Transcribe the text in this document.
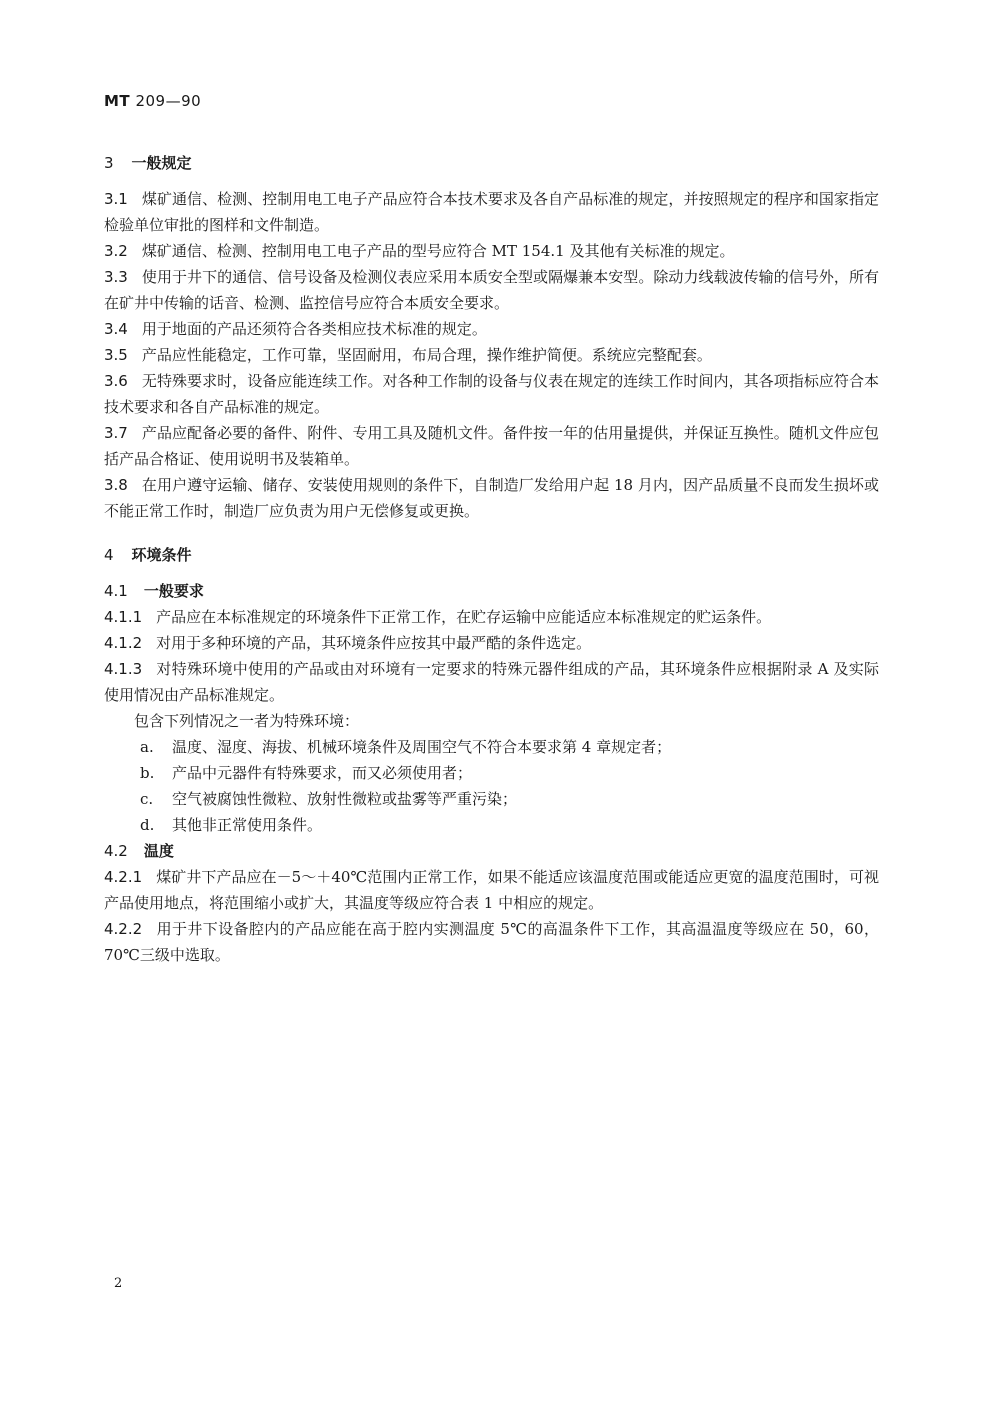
MT 209—90

3 一般规定

3.1 煤矿通信、检测、控制用电工电子产品应符合本技术要求及各自产品标准的规定，并按照规定的程序和国家指定检验单位审批的图样和文件制造。

3.2 煤矿通信、检测、控制用电工电子产品的型号应符合 MT 154.1 及其他有关标准的规定。

3.3 使用于井下的通信、信号设备及检测仪表应采用本质安全型或隔爆兼本安型。除动力线载波传输的信号外，所有在矿井中传输的话音、检测、监控信号应符合本质安全要求。

3.4 用于地面的产品还须符合各类相应技术标准的规定。

3.5 产品应性能稳定，工作可靠，坚固耐用，布局合理，操作维护简便。系统应完整配套。

3.6 无特殊要求时，设备应能连续工作。对各种工作制的设备与仪表在规定的连续工作时间内，其各项指标应符合本技术要求和各自产品标准的规定。

3.7 产品应配备必要的备件、附件、专用工具及随机文件。备件按一年的估用量提供，并保证互换性。随机文件应包括产品合格证、使用说明书及装箱单。

3.8 在用户遵守运输、储存、安装使用规则的条件下，自制造厂发给用户起 18 月内，因产品质量不良而发生损坏或不能正常工作时，制造厂应负责为用户无偿修复或更换。

4 环境条件

4.1 一般要求

4.1.1 产品应在本标准规定的环境条件下正常工作，在贮存运输中应能适应本标准规定的贮运条件。

4.1.2 对用于多种环境的产品，其环境条件应按其中最严酷的条件选定。

4.1.3 对特殊环境中使用的产品或由对环境有一定要求的特殊元器件组成的产品，其环境条件应根据附录 A 及实际使用情况由产品标准规定。

包含下列情况之一者为特殊环境：

a. 温度、湿度、海拔、机械环境条件及周围空气不符合本要求第 4 章规定者；

b. 产品中元器件有特殊要求，而又必须使用者；

c. 空气被腐蚀性微粒、放射性微粒或盐雾等严重污染；

d. 其他非正常使用条件。

4.2 温度

4.2.1 煤矿井下产品应在－5～＋40℃范围内正常工作，如果不能适应该温度范围或能适应更宽的温度范围时，可视产品使用地点，将范围缩小或扩大，其温度等级应符合表 1 中相应的规定。

4.2.2 用于井下设备腔内的产品应能在高于腔内实测温度 5℃的高温条件下工作，其高温温度等级应在 50，60，70℃三级中选取。

2
